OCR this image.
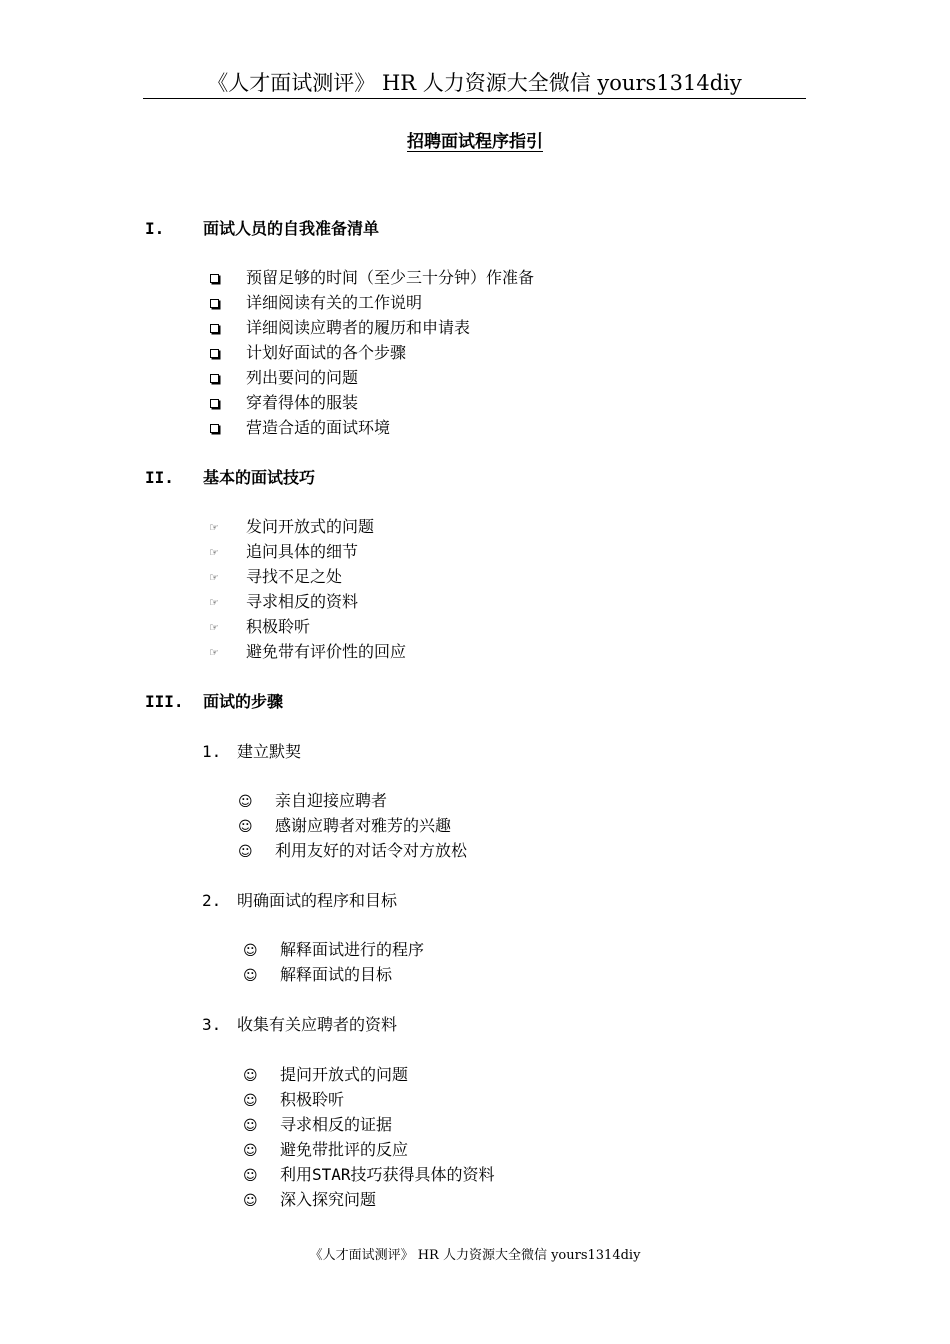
《人才面试测评》 HR 人力资源大全微信 yours1314diy
招聘面试程序指引
I. 面试人员的自我准备清单
预留足够的时间（至少三十分钟）作准备
详细阅读有关的工作说明
详细阅读应聘者的履历和申请表
计划好面试的各个步骤
列出要问的问题
穿着得体的服装
营造合适的面试环境
II. 基本的面试技巧
☞ 发问开放式的问题
☞ 追问具体的细节
☞ 寻找不足之处
☞ 寻求相反的资料
☞ 积极聆听
☞ 避免带有评价性的回应
III. 面试的步骤
1. 建立默契
☺ 亲自迎接应聘者
☺ 感谢应聘者对雅芳的兴趣
☺ 利用友好的对话令对方放松
2. 明确面试的程序和目标
☺ 解释面试进行的程序
☺ 解释面试的目标
3. 收集有关应聘者的资料
☺ 提问开放式的问题
☺ 积极聆听
☺ 寻求相反的证据
☺ 避免带批评的反应
☺ 利用STAR技巧获得具体的资料
☺ 深入探究问题
《人才面试测评》 HR 人力资源大全微信 yours1314diy
